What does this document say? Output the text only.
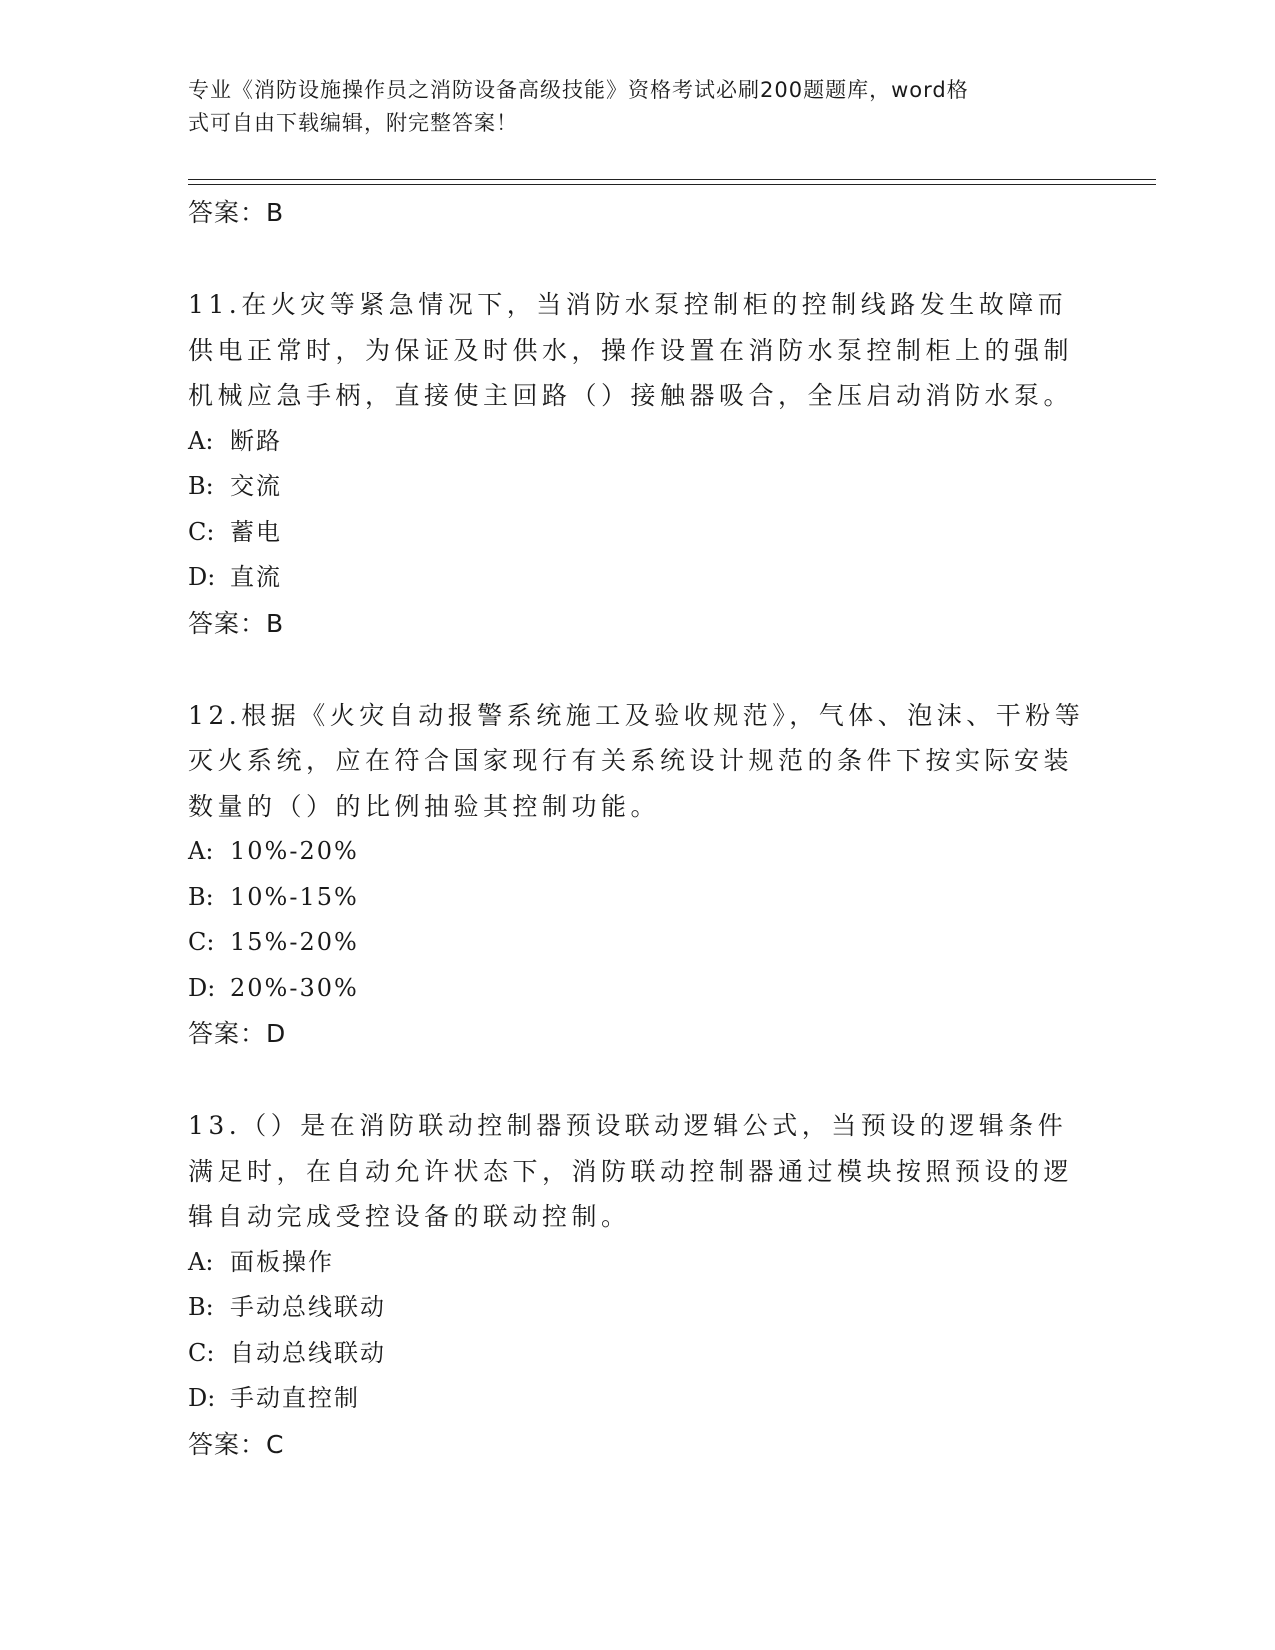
专业《消防设施操作员之消防设备高级技能》资格考试必刷200题题库，word格
式可自由下载编辑，附完整答案！
答案：B

11.在火灾等紧急情况下，当消防水泵控制柜的控制线路发生故障而供电正常时，为保证及时供水，操作设置在消防水泵控制柜上的强制机械应急手柄，直接使主回路（）接触器吸合，全压启动消防水泵。

A: 断路
B: 交流
C: 蓄电
D: 直流
答案：B

12.根据《火灾自动报警系统施工及验收规范》，气体、泡沫、干粉等灭火系统，应在符合国家现行有关系统设计规范的条件下按实际安装数量的（）的比例抽验其控制功能。

A: 10%-20%
B: 10%-15%
C: 15%-20%
D: 20%-30%
答案：D

13.（）是在消防联动控制器预设联动逻辑公式，当预设的逻辑条件满足时，在自动允许状态下，消防联动控制器通过模块按照预设的逻辑自动完成受控设备的联动控制。

A: 面板操作
B: 手动总线联动
C: 自动总线联动
D: 手动直控制
答案：C
